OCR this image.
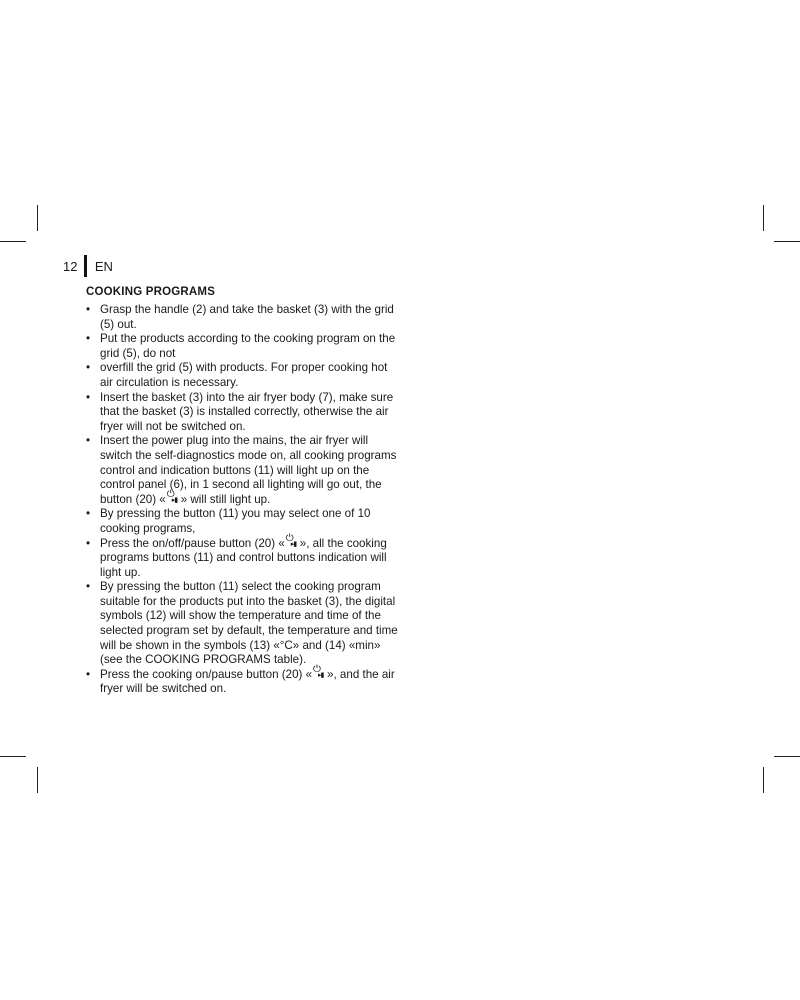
12	EN
COOKING PROGRAMS
• Grasp the handle (2) and take the basket (3) with the grid (5) out.
• Put the products according to the cooking program on the grid (5), do not
• overfill the grid (5) with products. For proper cooking hot air circulation is necessary.
• Insert the basket (3) into the air fryer body (7), make sure that the basket (3) is installed correctly, otherwise the air fryer will not be switched on.
• Insert the power plug into the mains, the air fryer will switch the self-diagnostics mode on, all cooking programs control and indication buttons (11) will light up on the control panel (6), in 1 second all lighting will go out, the button (20) « ⏻
▸▮ » will still light up.
• By pressing the button (11) you may select one of 10 cooking programs,
• Press the on/off/pause button (20) « ⏻
▸▮ », all the cooking programs buttons (11) and control buttons indication will light up.
• By pressing the button (11) select the cooking program suitable for the products put into the basket (3), the digital symbols (12) will show the temperature and time of the selected program set by default, the temperature and time will be shown in the symbols (13) «°C» and (14) «min» (see the COOKING PROGRAMS table).
• Press the cooking on/pause button (20) « ⏻
▸▮ », and the air fryer will be switched on.
